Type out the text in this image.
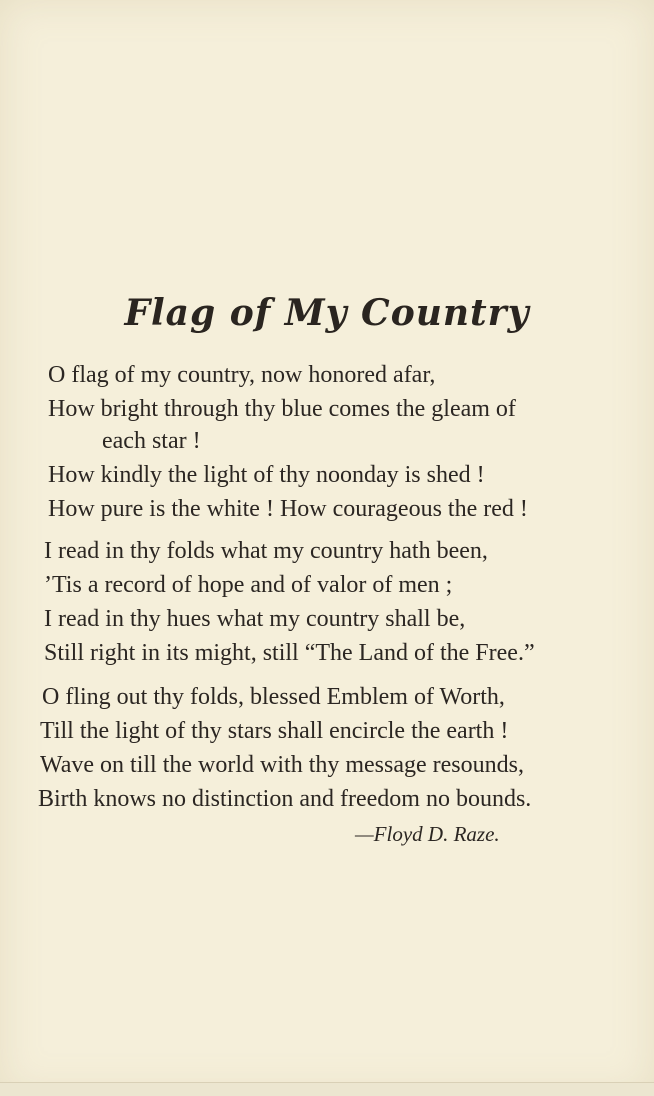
Flag of My Country
O flag of my country, now honored afar,
How bright through thy blue comes the gleam of
each star !
How kindly the light of thy noonday is shed !
How pure is the white ! How courageous the red !
I read in thy folds what my country hath been,
’Tis a record of hope and of valor of men ;
I read in thy hues what my country shall be,
Still right in its might, still “The Land of the Free.”
O fling out thy folds, blessed Emblem of Worth,
Till the light of thy stars shall encircle the earth !
Wave on till the world with thy message resounds,
Birth knows no distinction and freedom no bounds.
—Floyd D. Raze.
